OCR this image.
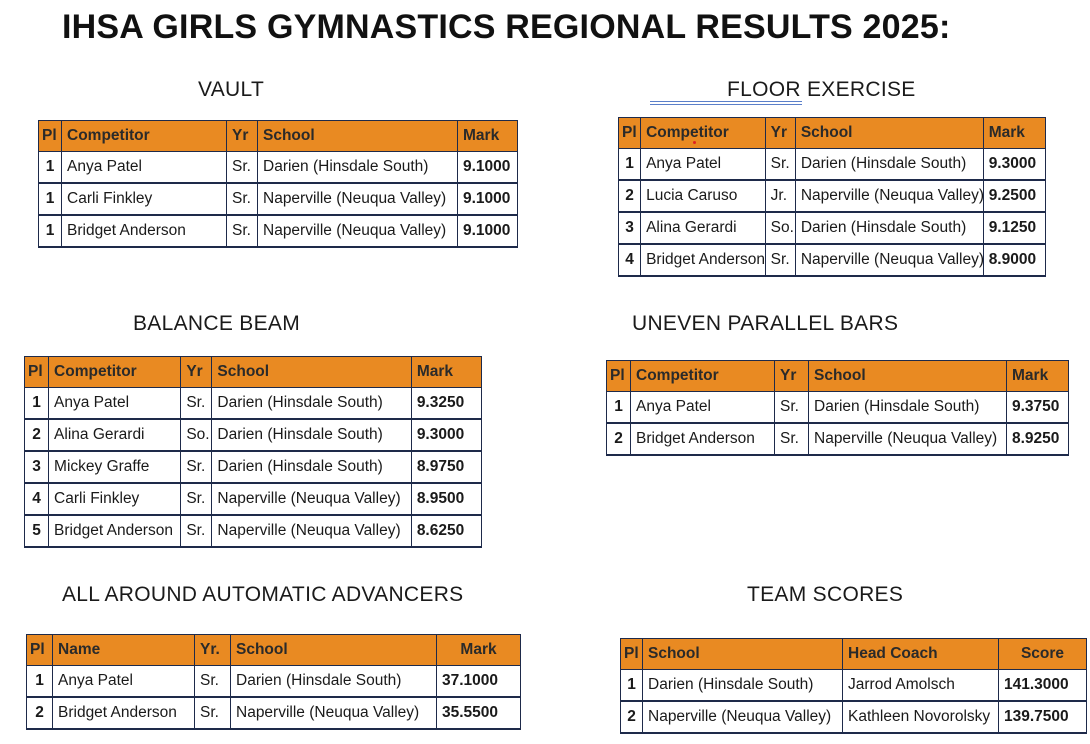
IHSA GIRLS GYMNASTICS REGIONAL RESULTS 2025:
VAULT	FLOOR EXERCISE
BALANCE BEAM	UNEVEN PARALLEL BARS
ALL AROUND AUTOMATIC ADVANCERS	TEAM SCORES
Pl	Competitor	Yr	School	Mark
1	Anya Patel	Sr.	Darien (Hinsdale South)	9.1000
1	Carli Finkley	Sr.	Naperville (Neuqua Valley)	9.1000
1	Bridget Anderson	Sr.	Naperville (Neuqua Valley)	9.1000
Pl	Competitor	Yr	School	Mark
1	Anya Patel	Sr.	Darien (Hinsdale South)	9.3000
2	Lucia Caruso	Jr.	Naperville (Neuqua Valley)	9.2500
3	Alina Gerardi	So.	Darien (Hinsdale South)	9.1250
4	Bridget Anderson	Sr.	Naperville (Neuqua Valley)	8.9000
Pl	Competitor	Yr	School	Mark
1	Anya Patel	Sr.	Darien (Hinsdale South)	9.3250
2	Alina Gerardi	So.	Darien (Hinsdale South)	9.3000
3	Mickey Graffe	Sr.	Darien (Hinsdale South)	8.9750
4	Carli Finkley	Sr.	Naperville (Neuqua Valley)	8.9500
5	Bridget Anderson	Sr.	Naperville (Neuqua Valley)	8.6250
Pl	Competitor	Yr	School	Mark
1	Anya Patel	Sr.	Darien (Hinsdale South)	9.3750
2	Bridget Anderson	Sr.	Naperville (Neuqua Valley)	8.9250
Pl	Name	Yr.	School	Mark
1	Anya Patel	Sr.	Darien (Hinsdale South)	37.1000
2	Bridget Anderson	Sr.	Naperville (Neuqua Valley)	35.5500
Pl	School	Head Coach	Score
1	Darien (Hinsdale South)	Jarrod Amolsch	141.3000
2	Naperville (Neuqua Valley)	Kathleen Novorolsky	139.7500
